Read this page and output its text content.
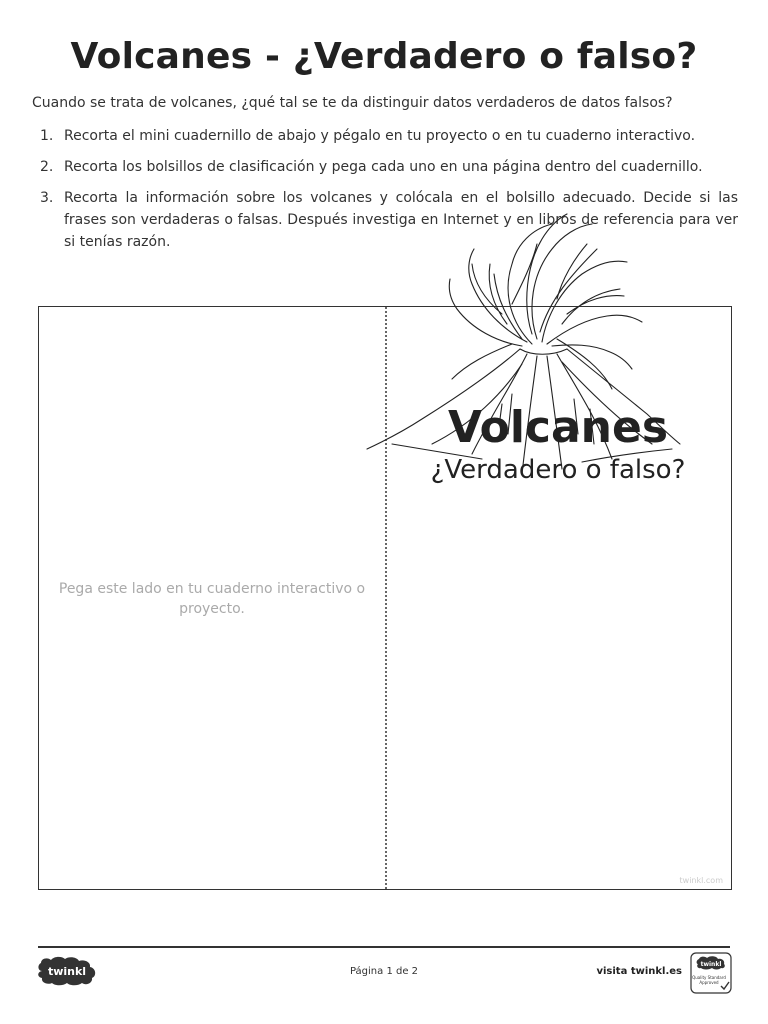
Volcanes - ¿Verdadero o falso?
Cuando se trata de volcanes, ¿qué tal se te da distinguir datos verdaderos de datos falsos?
1. Recorta el mini cuadernillo de abajo y pégalo en tu proyecto o en tu cuaderno interactivo.
2. Recorta los bolsillos de clasificación y pega cada uno en una página dentro del cuadernillo.
3. Recorta la información sobre los volcanes y colócala en el bolsillo adecuado. Decide si las frases son verdaderas o falsas. Después investiga en Internet y en libros de referencia para ver si tenías razón.
Pega este lado en tu cuaderno interactivo o proyecto.
Volcanes
¿Verdadero o falso?
twinkl.com
twinkl	Página 1 de 2	visita twinkl.es
twinkl
Quality Standard
Approved
